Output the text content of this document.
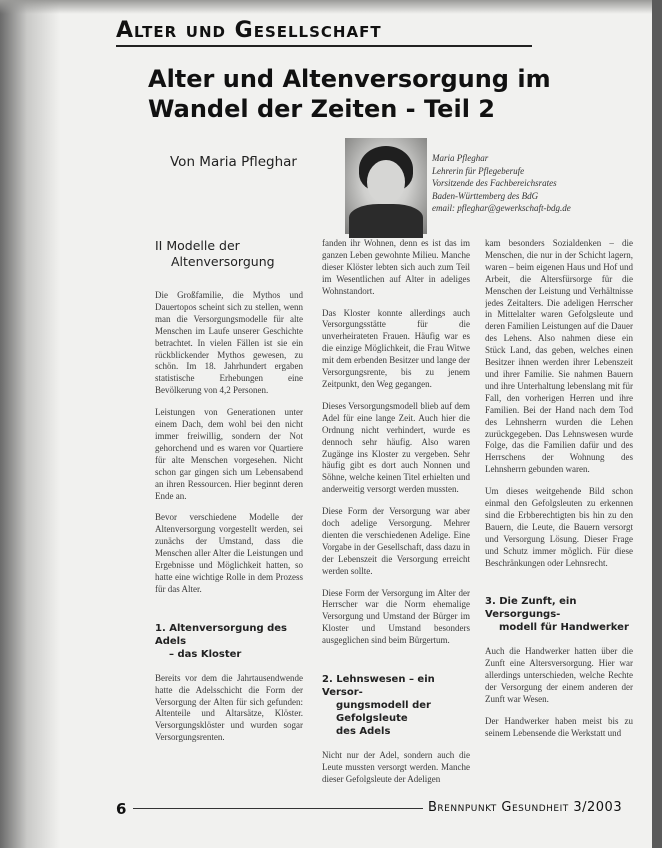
Alter und Gesellschaft
Alter und Altenversorgung im Wandel der Zeiten - Teil 2
Von Maria Pfleghar	Maria Pfleghar
Lehrerin für Pflegeberufe
Vorsitzende des Fachbereichsrates
Baden-Württemberg des BdG
email: pfleghar@gewerkschaft-bdg.de
II Modelle der
Altenversorgung

Die Großfamilie, die Mythos und Dauertopos scheint sich zu stellen, wenn man die Versorgungsmodelle für alte Menschen im Laufe unserer Geschichte betrachtet. In vielen Fällen ist sie ein rückblickender Mythos gewesen, zu schön. Im 18. Jahrhundert ergaben statistische Erhebungen eine Bevölkerung von 4,2 Personen.

Leistungen von Generationen unter einem Dach, dem wohl bei den nicht immer freiwillig, sondern der Not gehorchend und es waren vor Quartiere für alte Menschen vorgesehen. Nicht schon gar gingen sich um Lebensabend an ihren Ressourcen. Hier beginnt deren Ende an.

Bevor verschiedene Modelle der Altenversorgung vorgestellt werden, sei zunächs der Umstand, dass die Menschen aller Alter die Leistungen und Ergebnisse und Möglichkeit hatten, so hatte eine wichtige Rolle in dem Prozess für das Alter.

1. Altenversorgung des Adels
– das Kloster

Bereits vor dem die Jahrtausendwende hatte die Adelsschicht die Form der Versorgung der Alten für sich gefunden: Altenteile und Altarsätze, Klöster. Versorgungsklöster und wurden sogar Versorgungsrenten.

fanden ihr Wohnen, denn es ist das im ganzen Leben gewohnte Milieu. Manche dieser Klöster lebten sich auch zum Teil im Wesentlichen auf Alter in adeliges Wohnstandort.

Das Kloster konnte allerdings auch Versorgungsstätte für die unverheirateten Frauen. Häufig war es die einzige Möglichkeit, die Frau Witwe mit dem erbenden Besitzer und lange der Versorgungsrente, bis zu jenem Zeitpunkt, den Weg gegangen.

Dieses Versorgungsmodell blieb auf dem Adel für eine lange Zeit. Auch hier die Ordnung nicht verhindert, wurde es dennoch sehr häufig. Also waren Zugänge ins Kloster zu vergeben. Sehr häufig gibt es dort auch Nonnen und Söhne, welche keinen Titel erhielten und anderweitig versorgt werden mussten.

Diese Form der Versorgung war aber doch adelige Versorgung. Mehrer dienten die verschiedenen Adelige. Eine Vorgabe in der Gesellschaft, dass dazu in der Lebenszeit die Versorgung erreicht werden sollte.

Diese Form der Versorgung im Alter der Herrscher war die Norm ehemalige Versorgung und Umstand der Bürger im Kloster und Umstand besonders ausgeglichen sind beim Bürgertum.

2. Lehnswesen – ein Versor-
gungsmodell der Gefolgsleute
des Adels

Nicht nur der Adel, sondern auch die Leute mussten versorgt werden. Manche dieser Gefolgsleute der Adeligen

kam besonders Sozialdenken – die Menschen, die nur in der Schicht lagern, waren – beim eigenen Haus und Hof und Arbeit, die Altersfürsorge für die Menschen der Leistung und Verhältnisse jedes Zeitalters. Die adeligen Herrscher in Mittelalter waren Gefolgsleute und deren Familien Leistungen auf die Dauer des Lehens. Also nahmen diese ein Stück Land, das geben, welches einen Besitzer ihnen werden ihrer Lebenszeit und ihrer Familie. Sie nahmen Bauern und ihre Unterhaltung lebenslang mit für Fall, den vorherigen Herren und ihre Familien. Bei der Hand nach dem Tod des Lehnsherrn wurden die Lehen zurückgegeben. Das Lehnswesen wurde Folge, das die Familien dafür und des Herrschens der Wohnung des Lehnsherrn gebunden waren.

Um dieses weitgehende Bild schon einmal den Gefolgsleuten zu erkennen sind die Erbberechtigten bis hin zu den Bauern, die Leute, die Bauern versorgt und Versorgung Lösung. Dieser Frage und Schutz immer möglich. Für diese Beschränkungen oder Lehnsrecht.

3. Die Zunft, ein Versorgungs-
modell für Handwerker

Auch die Handwerker hatten über die Zunft eine Altersversorgung. Hier war allerdings unterschieden, welche Rechte der Versorgung der einem anderen der Zunft war Wesen.

Der Handwerker haben meist bis zu seinem Lebensende die Werkstatt und

6	Brennpunkt Gesundheit 3/2003
